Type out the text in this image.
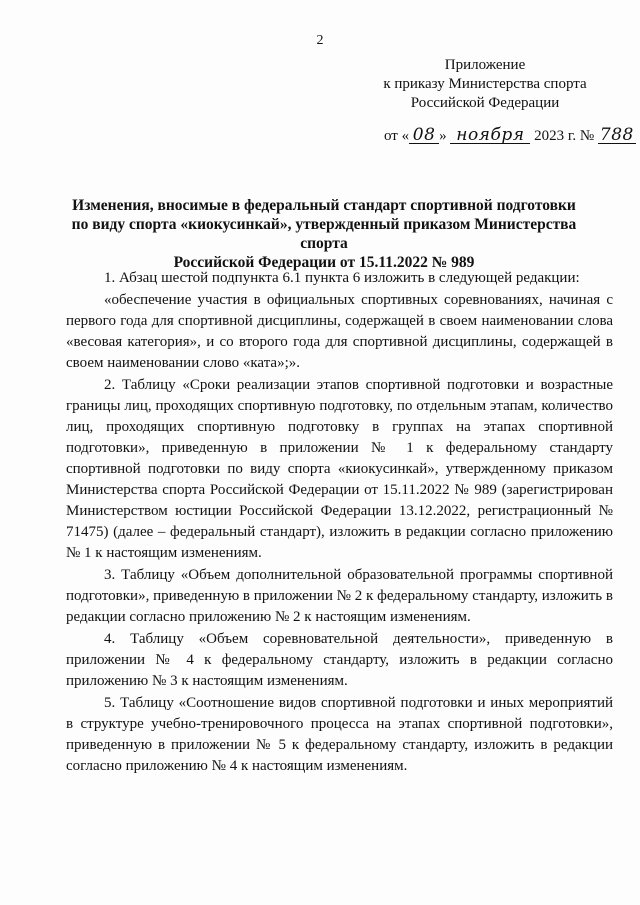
2
Приложение
к приказу Министерства спорта
Российской Федерации
от « 08 » ноября 2023 г. № 788
Изменения, вносимые в федеральный стандарт спортивной подготовки
по виду спорта «киокусинкай», утвержденный приказом Министерства спорта
Российской Федерации от 15.11.2022 № 989

1. Абзац шестой подпункта 6.1 пункта 6 изложить в следующей редакции:

«обеспечение участия в официальных спортивных соревнованиях, начиная с первого года для спортивной дисциплины, содержащей в своем наименовании слова «весовая категория», и со второго года для спортивной дисциплины, содержащей в своем наименовании слово «ката»;».

2. Таблицу «Сроки реализации этапов спортивной подготовки и возрастные границы лиц, проходящих спортивную подготовку, по отдельным этапам, количество лиц, проходящих спортивную подготовку в группах на этапах спортивной подготовки», приведенную в приложении № 1 к федеральному стандарту спортивной подготовки по виду спорта «киокусинкай», утвержденному приказом Министерства спорта Российской Федерации от 15.11.2022 № 989 (зарегистрирован Министерством юстиции Российской Федерации 13.12.2022, регистрационный № 71475) (далее – федеральный стандарт), изложить в редакции согласно приложению № 1 к настоящим изменениям.

3. Таблицу «Объем дополнительной образовательной программы спортивной подготовки», приведенную в приложении № 2 к федеральному стандарту, изложить в редакции согласно приложению № 2 к настоящим изменениям.

4. Таблицу «Объем соревновательной деятельности», приведенную в приложении № 4 к федеральному стандарту, изложить в редакции согласно приложению № 3 к настоящим изменениям.

5. Таблицу «Соотношение видов спортивной подготовки и иных мероприятий в структуре учебно-тренировочного процесса на этапах спортивной подготовки», приведенную в приложении № 5 к федеральному стандарту, изложить в редакции согласно приложению № 4 к настоящим изменениям.
